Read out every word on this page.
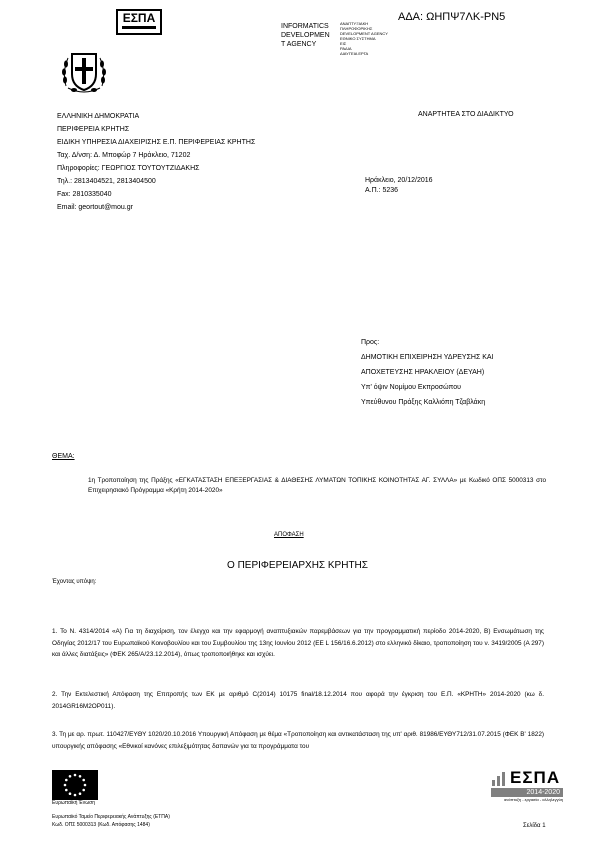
ΕΣΠΑ
INFORMATICS
DEVELOPMEN
T AGENCY
ΑΝΑΠΤΥΞΙΑΚΗ
ΠΛΗΡΟΦΟΡΙΚΗΣ
DEVELOPMENT AGENCY
ΕΘΝΙΚΟ ΣΥΣΤΗΜΑ
ΕΙΣ
ΡΑΔΙΑ
ΔΙΑΥΓΕΙΑ ΕΡΓΑ
ΑΔΑ: ΩΗΠΨ7ΛΚ-ΡΝ5
ΕΛΛΗΝΙΚΗ ΔΗΜΟΚΡΑΤΙΑ
ΠΕΡΙΦΕΡΕΙΑ ΚΡΗΤΗΣ
ΕΙΔΙΚΗ ΥΠΗΡΕΣΙΑ ΔΙΑΧΕΙΡΙΣΗΣ Ε.Π. ΠΕΡΙΦΕΡΕΙΑΣ ΚΡΗΤΗΣ
Ταχ. Δ/νση: Δ. Μποφώρ 7 Ηράκλειο, 71202
Πληροφορίες: ΓΕΩΡΓΙΟΣ ΤΟΥΤΟΥΤΖΙΔΑΚΗΣ
Τηλ.: 2813404521, 2813404500
Fax: 2810335040
Email: geortout@mou.gr
ΑΝΑΡΤΗΤΕΑ ΣΤΟ ΔΙΑΔΙΚΤΥΟ
Ηράκλειο, 20/12/2016
Α.Π.: 5236
Προς:
ΔΗΜΟΤΙΚΗ ΕΠΙΧΕΙΡΗΣΗ ΥΔΡΕΥΣΗΣ ΚΑΙ
ΑΠΟΧΕΤΕΥΣΗΣ ΗΡΑΚΛΕΙΟΥ (ΔΕΥΑΗ)
Υπ' όψιν Νομίμου Εκπροσώπου
Υπεύθυνου Πράξης Καλλιόπη Τζαβλάκη
ΘΕΜΑ:
1η Τροποποίηση της Πράξης «ΕΓΚΑΤΑΣΤΑΣΗ ΕΠΕΞΕΡΓΑΣΙΑΣ & ΔΙΑΘΕΣΗΣ ΛΥΜΑΤΩΝ ΤΟΠΙΚΗΣ ΚΟΙΝΟΤΗΤΑΣ ΑΓ. ΣΥΛΛΑ» με Κωδικό ΟΠΣ 5000313 στο Επιχειρησιακό Πρόγραμμα «Κρήτη 2014-2020»
ΑΠΟΦΑΣΗ
Ο ΠΕΡΙΦΕΡΕΙΑΡΧΗΣ ΚΡΗΤΗΣ
Έχοντας υπόψη:
1. Το Ν. 4314/2014 «Α) Για τη διαχείριση, τον έλεγχο και την εφαρμογή αναπτυξιακών παρεμβάσεων για την προγραμματική περίοδο 2014-2020, Β) Ενσωμάτωση της Οδηγίας 2012/17 του Ευρωπαϊκού Κοινοβουλίου και του Συμβουλίου της 13ης Ιουνίου 2012 (ΕΕ L 156/16.6.2012) στο ελληνικό δίκαιο, τροποποίηση του ν. 3419/2005 (Α 297) και άλλες διατάξεις» (ΦΕΚ 265/Α/23.12.2014), όπως τροποποιήθηκε και ισχύει.
2. Την Εκτελεστική Απόφαση της Επιτροπής των ΕΚ με αριθμό C(2014) 10175 final/18.12.2014 που αφορά την έγκριση του Ε.Π. «ΚΡΗΤΗ» 2014-2020 (κω δ. 2014GR16M2OP011).
3. Τη με αρ. πρωτ. 110427/ΕΥΘΥ 1020/20.10.2016 Υπουργική Απόφαση με θέμα «Τροποποίηση και αντικατάσταση της υπ' αριθ. 81986/ΕΥΘΥ712/31.07.2015 (ΦΕΚ Β' 1822) υπουργικής απόφασης «Εθνικοί κανόνες επιλεξιμότητας δαπανών για τα προγράμματα του
Ευρωπαϊκή Ένωση
Ευρωπαϊκό Ταμείο Περιφερειακής Ανάπτυξης (ΕΤΠΑ)
Κωδ. ΟΠΣ 5000313 (Κωδ. Απόφασης 1484)
ΕΣΠΑ
2014-2020
ανάπτυξη - εργασία - αλληλεγγύη
Σελίδα 1
